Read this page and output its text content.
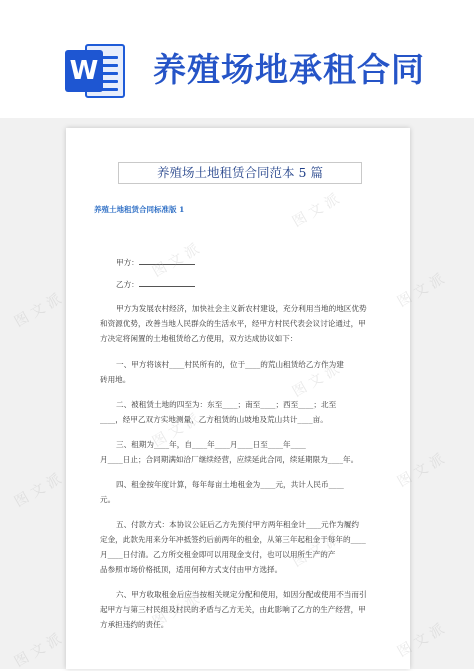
W 养殖场地承租合同
养殖场土地租赁合同范本 5 篇
养殖土地租赁合同标准版 1
甲方：
乙方：
甲方为发展农村经济，加快社会主义新农村建设，充分利用当地的地区优势
和资源优势，改善当地人民群众的生活水平，经甲方村民代表会议讨论通过，甲
方决定将闲置的土地租赁给乙方使用，双方达成协议如下：
一、甲方将该村____村民所有的，位于____的荒山租赁给乙方作为建
砖用地。
二、被租赁土地的四至为：东至____；南至____；西至____；北至
____，经甲乙双方实地测量，乙方租赁的山坡地及荒山共计____亩。
三、租期为____年，自____年____月____日至____年____
月____日止；合同期满如洽厂继续经营，应续延此合同，续延期限为____年。
四、租金按年度计算，每年每亩土地租金为____元，共计人民币____
元。
五、付款方式：本协议公证后乙方先预付甲方两年租金计____元作为履约
定金，此款先用来分年冲抵签约后前两年的租金，从第三年起租金于每年的____
月____日付清。乙方所交租金即可以用现金支付，也可以用所生产的产
品参照市场价格抵顶，适用何种方式支付由甲方选择。
六、甲方收取租金后应当按相关规定分配和使用，如因分配或使用不当而引
起甲方与第三村民组及村民的矛盾与乙方无关，由此影响了乙方的生产经营，甲
方承担违约的责任。
图 文 派
图 文 派
图 文 派
图 文 派
图 文 派
图 文 派
图 文 派
图 文 派
图 文 派
图 文 派
图 文 派
图 文 派
